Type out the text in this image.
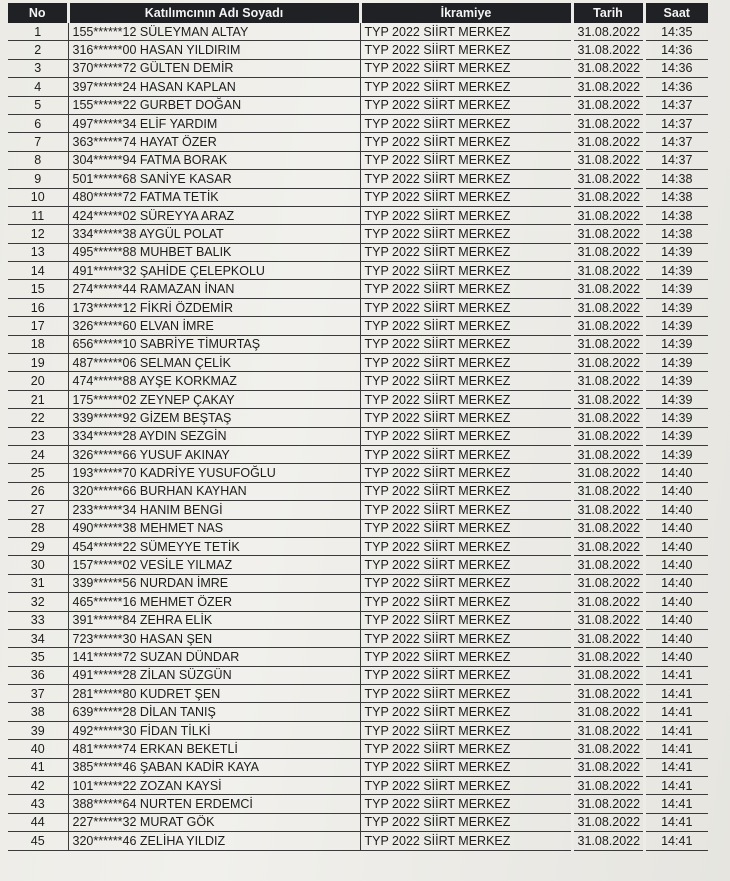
No	Katılımcının Adı Soyadı	İkramiye	Tarih	Saat
1	155******12 SÜLEYMAN ALTAY	TYP 2022 SİİRT MERKEZ	31.08.2022	14:35
2	316******00 HASAN YILDIRIM	TYP 2022 SİİRT MERKEZ	31.08.2022	14:36
3	370******72 GÜLTEN DEMİR	TYP 2022 SİİRT MERKEZ	31.08.2022	14:36
4	397******24 HASAN KAPLAN	TYP 2022 SİİRT MERKEZ	31.08.2022	14:36
5	155******22 GURBET DOĞAN	TYP 2022 SİİRT MERKEZ	31.08.2022	14:37
6	497******34 ELİF YARDIM	TYP 2022 SİİRT MERKEZ	31.08.2022	14:37
7	363******74 HAYAT ÖZER	TYP 2022 SİİRT MERKEZ	31.08.2022	14:37
8	304******94 FATMA BORAK	TYP 2022 SİİRT MERKEZ	31.08.2022	14:37
9	501******68 SANİYE KASAR	TYP 2022 SİİRT MERKEZ	31.08.2022	14:38
10	480******72 FATMA TETİK	TYP 2022 SİİRT MERKEZ	31.08.2022	14:38
11	424******02 SÜREYYA ARAZ	TYP 2022 SİİRT MERKEZ	31.08.2022	14:38
12	334******38 AYGÜL POLAT	TYP 2022 SİİRT MERKEZ	31.08.2022	14:38
13	495******88 MUHBET BALIK	TYP 2022 SİİRT MERKEZ	31.08.2022	14:39
14	491******32 ŞAHİDE ÇELEPKOLU	TYP 2022 SİİRT MERKEZ	31.08.2022	14:39
15	274******44 RAMAZAN İNAN	TYP 2022 SİİRT MERKEZ	31.08.2022	14:39
16	173******12 FİKRİ ÖZDEMİR	TYP 2022 SİİRT MERKEZ	31.08.2022	14:39
17	326******60 ELVAN İMRE	TYP 2022 SİİRT MERKEZ	31.08.2022	14:39
18	656******10 SABRİYE TİMURTAŞ	TYP 2022 SİİRT MERKEZ	31.08.2022	14:39
19	487******06 SELMAN ÇELİK	TYP 2022 SİİRT MERKEZ	31.08.2022	14:39
20	474******88 AYŞE KORKMAZ	TYP 2022 SİİRT MERKEZ	31.08.2022	14:39
21	175******02 ZEYNEP ÇAKAY	TYP 2022 SİİRT MERKEZ	31.08.2022	14:39
22	339******92 GİZEM BEŞTAŞ	TYP 2022 SİİRT MERKEZ	31.08.2022	14:39
23	334******28 AYDIN SEZGİN	TYP 2022 SİİRT MERKEZ	31.08.2022	14:39
24	326******66 YUSUF AKINAY	TYP 2022 SİİRT MERKEZ	31.08.2022	14:39
25	193******70 KADRİYE YUSUFOĞLU	TYP 2022 SİİRT MERKEZ	31.08.2022	14:40
26	320******66 BURHAN KAYHAN	TYP 2022 SİİRT MERKEZ	31.08.2022	14:40
27	233******34 HANIM BENGİ	TYP 2022 SİİRT MERKEZ	31.08.2022	14:40
28	490******38 MEHMET NAS	TYP 2022 SİİRT MERKEZ	31.08.2022	14:40
29	454******22 SÜMEYYE TETİK	TYP 2022 SİİRT MERKEZ	31.08.2022	14:40
30	157******02 VESİLE YILMAZ	TYP 2022 SİİRT MERKEZ	31.08.2022	14:40
31	339******56 NURDAN İMRE	TYP 2022 SİİRT MERKEZ	31.08.2022	14:40
32	465******16 MEHMET ÖZER	TYP 2022 SİİRT MERKEZ	31.08.2022	14:40
33	391******84 ZEHRA ELİK	TYP 2022 SİİRT MERKEZ	31.08.2022	14:40
34	723******30 HASAN ŞEN	TYP 2022 SİİRT MERKEZ	31.08.2022	14:40
35	141******72 SUZAN DÜNDAR	TYP 2022 SİİRT MERKEZ	31.08.2022	14:40
36	491******28 ZİLAN SÜZGÜN	TYP 2022 SİİRT MERKEZ	31.08.2022	14:41
37	281******80 KUDRET ŞEN	TYP 2022 SİİRT MERKEZ	31.08.2022	14:41
38	639******28 DİLAN TANIŞ	TYP 2022 SİİRT MERKEZ	31.08.2022	14:41
39	492******30 FİDAN TİLKİ	TYP 2022 SİİRT MERKEZ	31.08.2022	14:41
40	481******74 ERKAN BEKETLİ	TYP 2022 SİİRT MERKEZ	31.08.2022	14:41
41	385******46 ŞABAN KADİR KAYA	TYP 2022 SİİRT MERKEZ	31.08.2022	14:41
42	101******22 ZOZAN KAYSİ	TYP 2022 SİİRT MERKEZ	31.08.2022	14:41
43	388******64 NURTEN ERDEMCİ	TYP 2022 SİİRT MERKEZ	31.08.2022	14:41
44	227******32 MURAT GÖK	TYP 2022 SİİRT MERKEZ	31.08.2022	14:41
45	320******46 ZELİHA YILDIZ	TYP 2022 SİİRT MERKEZ	31.08.2022	14:41
